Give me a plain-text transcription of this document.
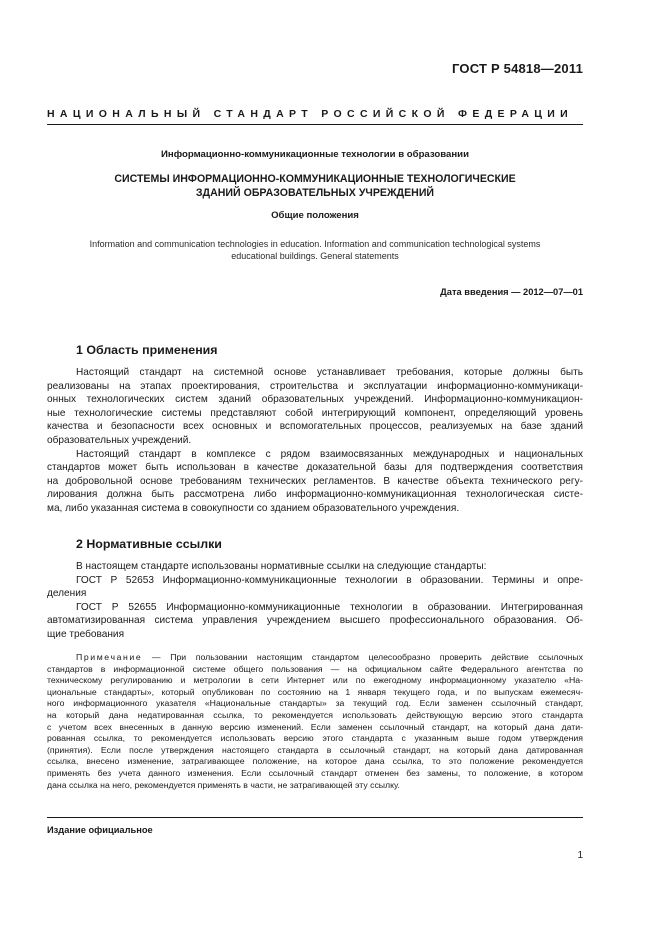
ГОСТ Р 54818—2011
НАЦИОНАЛЬНЫЙ СТАНДАРТ РОССИЙСКОЙ ФЕДЕРАЦИИ
Информационно-коммуникационные технологии в образовании
СИСТЕМЫ ИНФОРМАЦИОННО-КОММУНИКАЦИОННЫЕ ТЕХНОЛОГИЧЕСКИЕ
ЗДАНИЙ ОБРАЗОВАТЕЛЬНЫХ УЧРЕЖДЕНИЙ
Общие положения
Information and communication technologies in education. Information and communication technological systems
educational buildings. General statements
Дата введения — 2012—07—01
1 Область применения
Настоящий стандарт на системной основе устанавливает требования, которые должны быть
реализованы на этапах проектирования, строительства и эксплуатации информационно-коммуникаци-
онных технологических систем зданий образовательных учреждений. Информационно-коммуникацион-
ные технологические системы представляют собой интегрирующий компонент, определяющий уровень
качества и безопасности всех основных и вспомогательных процессов, реализуемых на базе зданий
образовательных учреждений.
Настоящий стандарт в комплексе с рядом взаимосвязанных международных и национальных
стандартов может быть использован в качестве доказательной базы для подтверждения соответствия
на добровольной основе требованиям технических регламентов. В качестве объекта технического регу-
лирования должна быть рассмотрена либо информационно-коммуникационная технологическая систе-
ма, либо указанная система в совокупности со зданием образовательного учреждения.
2 Нормативные ссылки
В настоящем стандарте использованы нормативные ссылки на следующие стандарты:
ГОСТ Р 52653 Информационно-коммуникационные технологии в образовании. Термины и опре-
деления
ГОСТ Р 52655 Информационно-коммуникационные технологии в образовании. Интегрированная
автоматизированная система управления учреждением высшего профессионального образования. Об-
щие требования
Примечание — При пользовании настоящим стандартом целесообразно проверить действие ссылочных
стандартов в информационной системе общего пользования — на официальном сайте Федерального агентства по
техническому регулированию и метрологии в сети Интернет или по ежегодному информационному указателю «На-
циональные стандарты», который опубликован по состоянию на 1 января текущего года, и по выпускам ежемесяч-
ного информационного указателя «Национальные стандарты» за текущий год. Если заменен ссылочный стандарт,
на который дана недатированная ссылка, то рекомендуется использовать действующую версию этого стандарта
с учетом всех внесенных в данную версию изменений. Если заменен ссылочный стандарт, на который дана дати-
рованная ссылка, то рекомендуется использовать версию этого стандарта с указанным выше годом утверждения
(принятия). Если после утверждения настоящего стандарта в ссылочный стандарт, на который дана датированная
ссылка, внесено изменение, затрагивающее положение, на которое дана ссылка, то это положение рекомендуется
применять без учета данного изменения. Если ссылочный стандарт отменен без замены, то положение, в котором
дана ссылка на него, рекомендуется применять в части, не затрагивающей эту ссылку.
Издание официальное
1
